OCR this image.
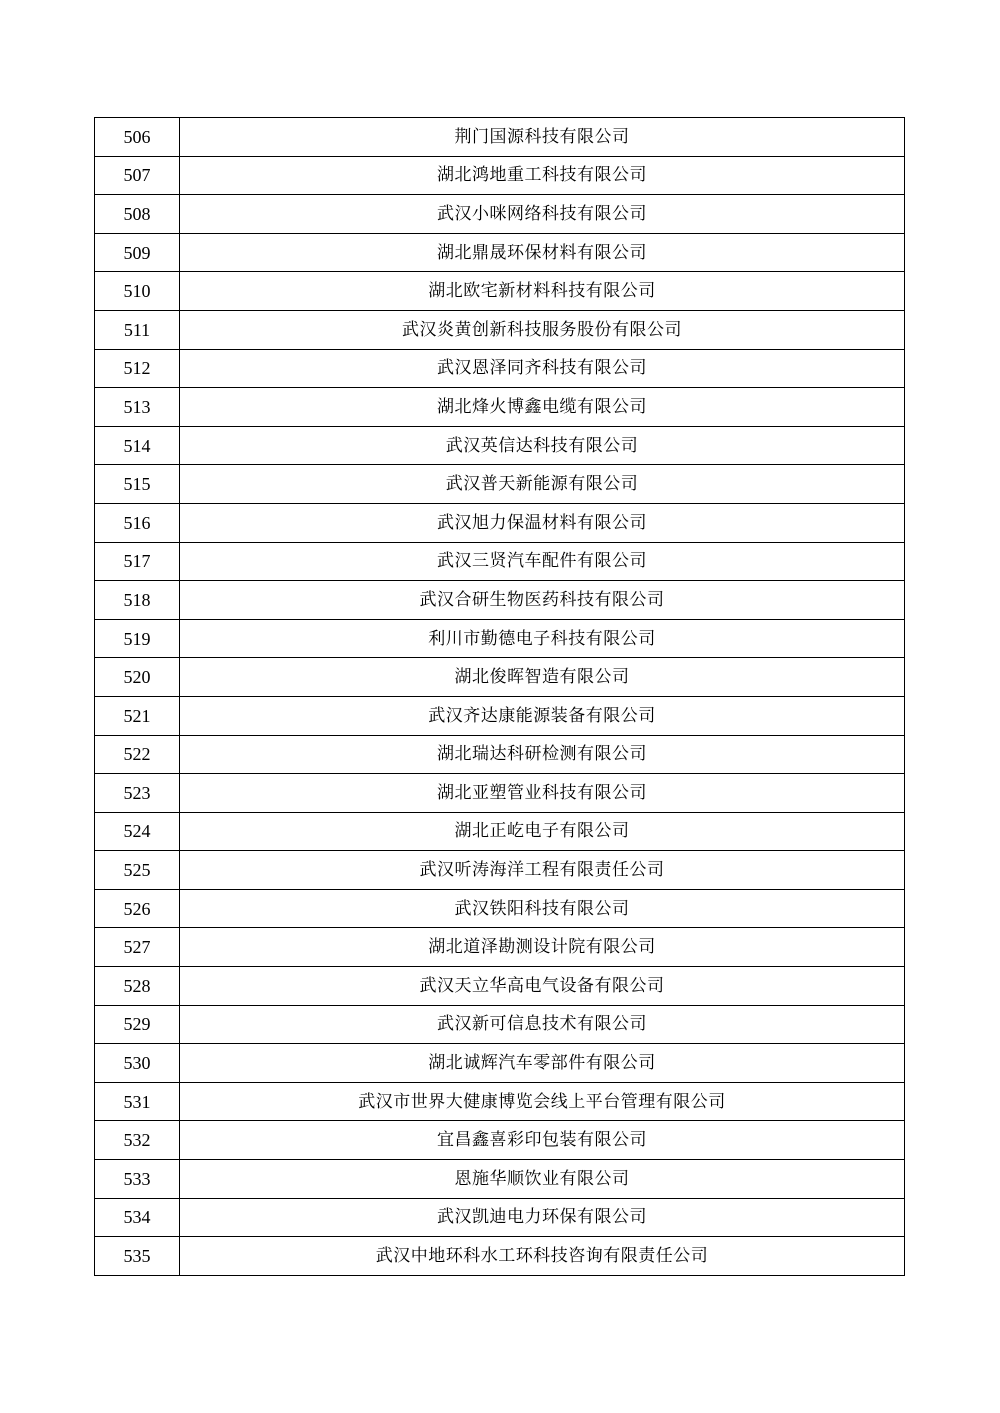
506	荆门国源科技有限公司
507	湖北鸿地重工科技有限公司
508	武汉小咪网络科技有限公司
509	湖北鼎晟环保材料有限公司
510	湖北欧宅新材料科技有限公司
511	武汉炎黄创新科技服务股份有限公司
512	武汉恩泽同齐科技有限公司
513	湖北烽火博鑫电缆有限公司
514	武汉英信达科技有限公司
515	武汉普天新能源有限公司
516	武汉旭力保温材料有限公司
517	武汉三贤汽车配件有限公司
518	武汉合研生物医药科技有限公司
519	利川市勤德电子科技有限公司
520	湖北俊晖智造有限公司
521	武汉齐达康能源装备有限公司
522	湖北瑞达科研检测有限公司
523	湖北亚塑管业科技有限公司
524	湖北正屹电子有限公司
525	武汉听涛海洋工程有限责任公司
526	武汉铁阳科技有限公司
527	湖北道泽勘测设计院有限公司
528	武汉天立华高电气设备有限公司
529	武汉新可信息技术有限公司
530	湖北诚辉汽车零部件有限公司
531	武汉市世界大健康博览会线上平台管理有限公司
532	宜昌鑫喜彩印包装有限公司
533	恩施华顺饮业有限公司
534	武汉凯迪电力环保有限公司
535	武汉中地环科水工环科技咨询有限责任公司
